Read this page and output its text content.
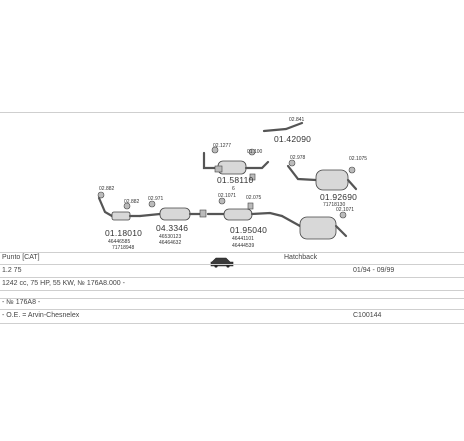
02.841
01.42090
02.1277
01.100
01.58110
6
02.978	02.1075
01.92690
71718130
02.882
02.882
01.18010
46446585
71718948
02.971
04.3346
46530123
46464632
02.1071 02.075
01.95040
46441101
46444539
02.1071
Punto [CAT]	Hatchback
1.2 75	01/94 - 09/99
1242 cc, 75 HP, 55 KW, № 176A8.000 -
- № 176A8 -
- O.E. = Arvin-Chesnelex	C100144
